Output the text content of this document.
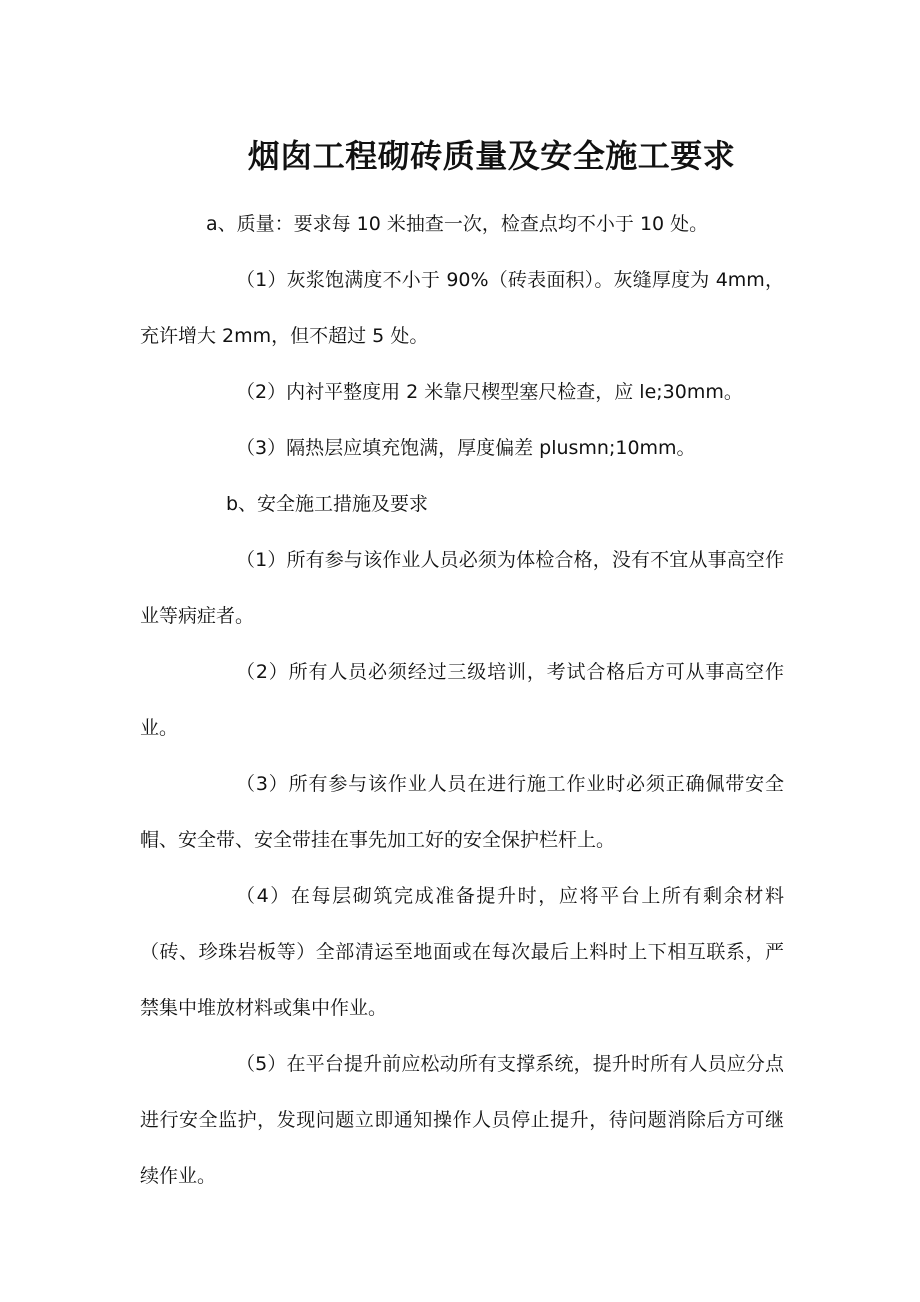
烟囱工程砌砖质量及安全施工要求

a、质量：要求每 10 米抽查一次，检查点均不小于 10 处。

（1）灰浆饱满度不小于 90%（砖表面积）。灰缝厚度为 4mm，充许增大 2mm，但不超过 5 处。

（2）内衬平整度用 2 米靠尺楔型塞尺检查，应 le;30mm。

（3）隔热层应填充饱满，厚度偏差 plusmn;10mm。

b、安全施工措施及要求

（1）所有参与该作业人员必须为体检合格，没有不宜从事高空作业等病症者。

（2）所有人员必须经过三级培训，考试合格后方可从事高空作业。

（3）所有参与该作业人员在进行施工作业时必须正确佩带安全帽、安全带、安全带挂在事先加工好的安全保护栏杆上。

（4）在每层砌筑完成准备提升时，应将平台上所有剩余材料（砖、珍珠岩板等）全部清运至地面或在每次最后上料时上下相互联系，严禁集中堆放材料或集中作业。

（5）在平台提升前应松动所有支撑系统，提升时所有人员应分点进行安全监护，发现问题立即通知操作人员停止提升，待问题消除后方可继续作业。
